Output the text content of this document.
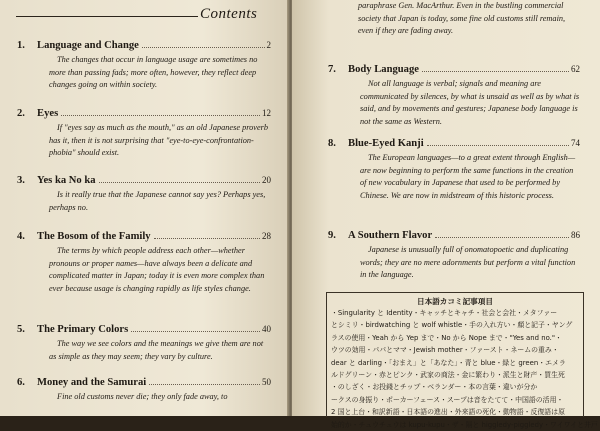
Contents
1.	Language and Change	2
The changes that occur in language usage are sometimes no more than passing fads; more often, however, they reflect deep changes going on within society.
2.	Eyes	12
If "eyes say as much as the mouth," as an old Japanese proverb has it, then it is not surprising that "eye-to-eye-confrontation-phobia" should exist.
3.	Yes ka No ka	20
Is it really true that the Japanese cannot say yes? Perhaps yes, perhaps no.
4.	The Bosom of the Family	28
The terms by which people address each other—whether pronouns or proper names—have always been a delicate and complicated matter in Japan; today it is even more complex than ever because usage is changing rapidly as life styles change.
5.	The Primary Colors	40
The way we see colors and the meanings we give them are not as simple as they may seem; they vary by culture.
6.	Money and the Samurai	50
Fine old customs never die; they only fade away, to
paraphrase Gen. MacArthur. Even in the bustling commercial society that Japan is today, some fine old customs still remain, even if they are fading away.
7.	Body Language	62
Not all language is verbal; signals and meaning are communicated by silences, by what is unsaid as well as by what is said, and by movements and gestures; Japanese body language is not the same as Western.
8.	Blue-Eyed Kanji	74
The European languages—to a great extent through English—are now beginning to perform the same functions in the creation of new vocabulary in Japanese that used to be performed by Chinese. We are now in midstream of this historic process.
9.	A Southern Flavor	86
Japanese is unusually full of onomatopoetic and duplicating words; they are no mere adornments but perform a vital function in the language.
日本語カコミ記事項目
・Singularity と Identity・キャッチとキャチ・社会と会社・メタファー
とシミリ・birdwatching と wolf whistle・手の入れ方い・顏と記子・ヤング
ラスの使用・Yeah から Yep まで・No から Nope まで・"Yes and no."・
ウツの効用・パパとママ・Jewish mother・ファースト・ネームの重み・
dear と darling・「おまえ」と「あなた」・青と blue・緑と green・エメラ
ルドグリーン・赤とピンク・武家の商法・金に繁わり・派生と財产・買生死
・のしざく・お投錢とチップ・ベランダー・本の言葉・違いが分か
ークスの身振り・ポーカーフェース・スープは音をたてて・中国語の活用・
2 国と上台・和訳新語・日本語の進出・外来語の死化・動物語・反復語は原
始的か・チュウチュウは kupu-kupu・ザ・隔と higgledy-piggledy・ワイワイと井戸
